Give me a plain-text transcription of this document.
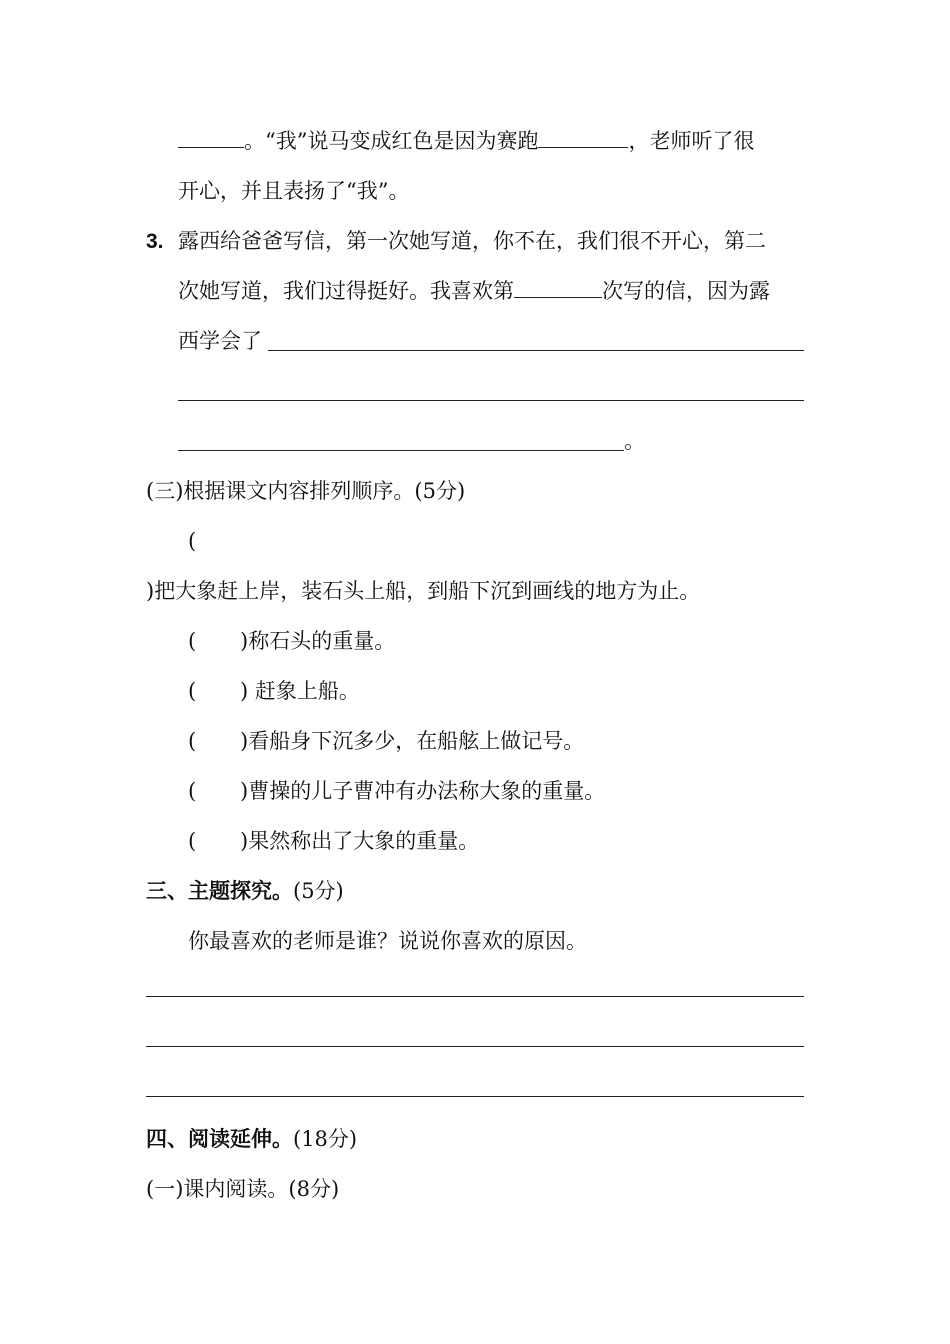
。“我”说马变成红色是因为赛跑	，老师听了很
开心，并且表扬了“我”。
3. 露西给爸爸写信，第一次她写道，你不在，我们很不开心，第二
次她写道，我们过得挺好。我喜欢第	次写的信，因为露
西学会了
。
(三)根据课文内容排列顺序。(5分)
(
)把大象赶上岸，装石头上船，到船下沉到画线的地方为止。
( )称石头的重量。
( ) 赶象上船。
( )看船身下沉多少，在船舷上做记号。
( )曹操的儿子曹冲有办法称大象的重量。
( )果然称出了大象的重量。
三、主题探究。(5分)
你最喜欢的老师是谁？说说你喜欢的原因。
四、阅读延伸。(18分)
(一)课内阅读。(8分)
